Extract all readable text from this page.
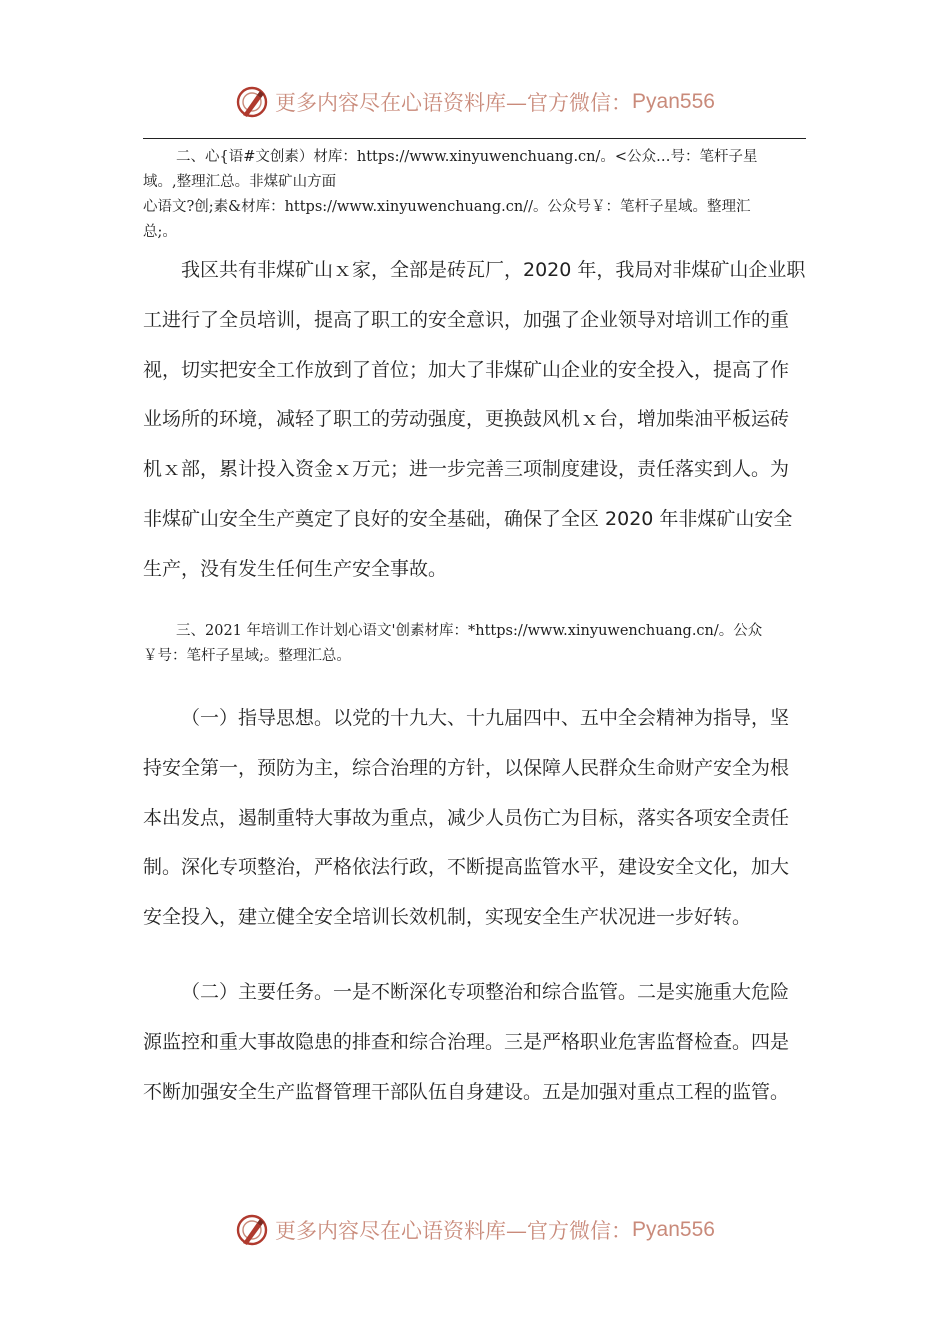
更多内容尽在心语资料库—官方微信： Pyan556
二、心{语#文创素）材库：https://www.xinyuwenchuang.cn/。<公众…号：笔杆子星
域。,整理汇总。非煤矿山方面
心语文?创;素&材库：https://www.xinyuwenchuang.cn//。公众号￥：笔杆子星域。整理汇
总;。
我区共有非煤矿山ｘ家，全部是砖瓦厂，2020 年，我局对非煤矿山企业职
工进行了全员培训，提高了职工的安全意识，加强了企业领导对培训工作的重
视，切实把安全工作放到了首位；加大了非煤矿山企业的安全投入，提高了作
业场所的环境，减轻了职工的劳动强度，更换鼓风机ｘ台，增加柴油平板运砖
机ｘ部，累计投入资金ｘ万元；进一步完善三项制度建设，责任落实到人。为
非煤矿山安全生产奠定了良好的安全基础，确保了全区 2020 年非煤矿山安全
生产，没有发生任何生产安全事故。
三、2021 年培训工作计划心语文'创素材库：*https://www.xinyuwenchuang.cn/。公众
￥号：笔杆子星域;。整理汇总。
（一）指导思想。以党的十九大、十九届四中、五中全会精神为指导，坚
持安全第一，预防为主，综合治理的方针，以保障人民群众生命财产安全为根
本出发点，遏制重特大事故为重点，减少人员伤亡为目标，落实各项安全责任
制。深化专项整治，严格依法行政，不断提高监管水平，建设安全文化，加大
安全投入，建立健全安全培训长效机制，实现安全生产状况进一步好转。
（二）主要任务。一是不断深化专项整治和综合监管。二是实施重大危险
源监控和重大事故隐患的排查和综合治理。三是严格职业危害监督检查。四是
不断加强安全生产监督管理干部队伍自身建设。五是加强对重点工程的监管。
更多内容尽在心语资料库—官方微信： Pyan556
